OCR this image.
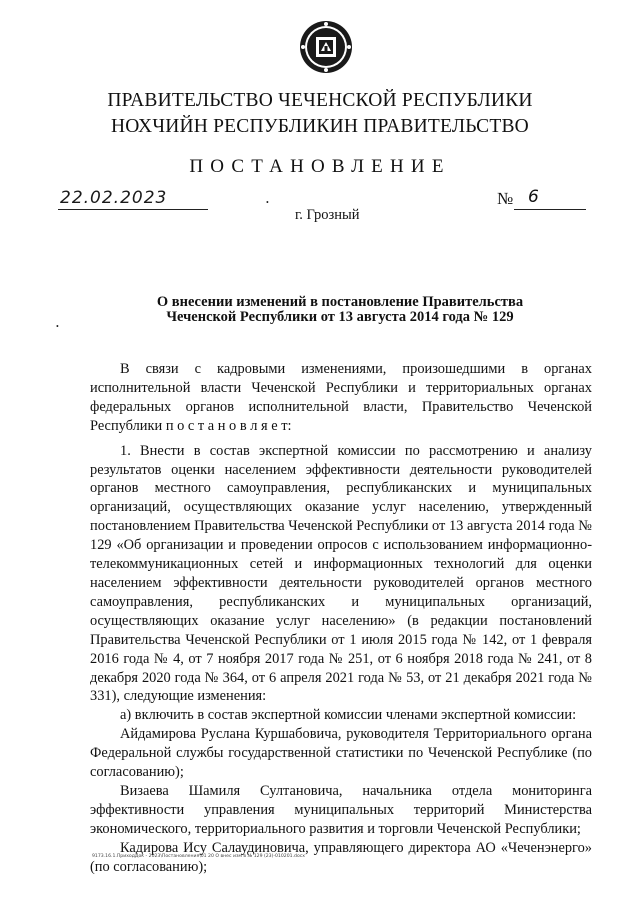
ПРАВИТЕЛЬСТВО ЧЕЧЕНСКОЙ РЕСПУБЛИКИ
НОХЧИЙН РЕСПУБЛИКИН ПРАВИТЕЛЬСТВО
ПОСТАНОВЛЕНИЕ
22.02.2023	•	№ 6
г. Грозный
О внесении изменений в постановление Правительства
Чеченской Республики от 13 августа 2014 года № 129
•

В связи с кадровыми изменениями, произошедшими в органах исполнительной власти Чеченской Республики и территориальных органах федеральных органов исполнительной власти, Правительство Чеченской Республики п о с т а н о в л я е т:

1. Внести в состав экспертной комиссии по рассмотрению и анализу результатов оценки населением эффективности деятельности руководителей органов местного самоуправления, республиканских и муниципальных организаций, осуществляющих оказание услуг населению, утвержденный постановлением Правительства Чеченской Республики от 13 августа 2014 года № 129 «Об организации и проведении опросов с использованием информационно-телекоммуникационных сетей и информационных технологий для оценки населением эффективности деятельности руководителей органов местного самоуправления, республиканских и муниципальных организаций, осуществляющих оказание услуг населению» (в редакции постановлений Правительства Чеченской Республики от 1 июля 2015 года № 142, от 1 февраля 2016 года № 4, от 7 ноября 2017 года № 251, от 6 ноября 2018 года № 241, от 8 декабря 2020 года № 364, от 6 апреля 2021 года № 53, от 21 декабря 2021 года № 331), следующие изменения:

а) включить в состав экспертной комиссии членами экспертной комиссии:

Айдамирова Руслана Куршабовича, руководителя Территориального органа Федеральной службы государственной статистики по Чеченской Республике (по согласованию);

Визаева Шамиля Султановича, начальника отдела мониторинга эффективности управления муниципальных территорий Министерства экономического, территориального развития и торговли Чеченской Республики;

Кадирова Ису Салаудиновича, управляющего директора АО «Чеченэнерго» (по согласованию);

9173.16.1.ПриходДок - 2023\Постановления\01 20 О внес изм в № 129 (23)-010201.docx
